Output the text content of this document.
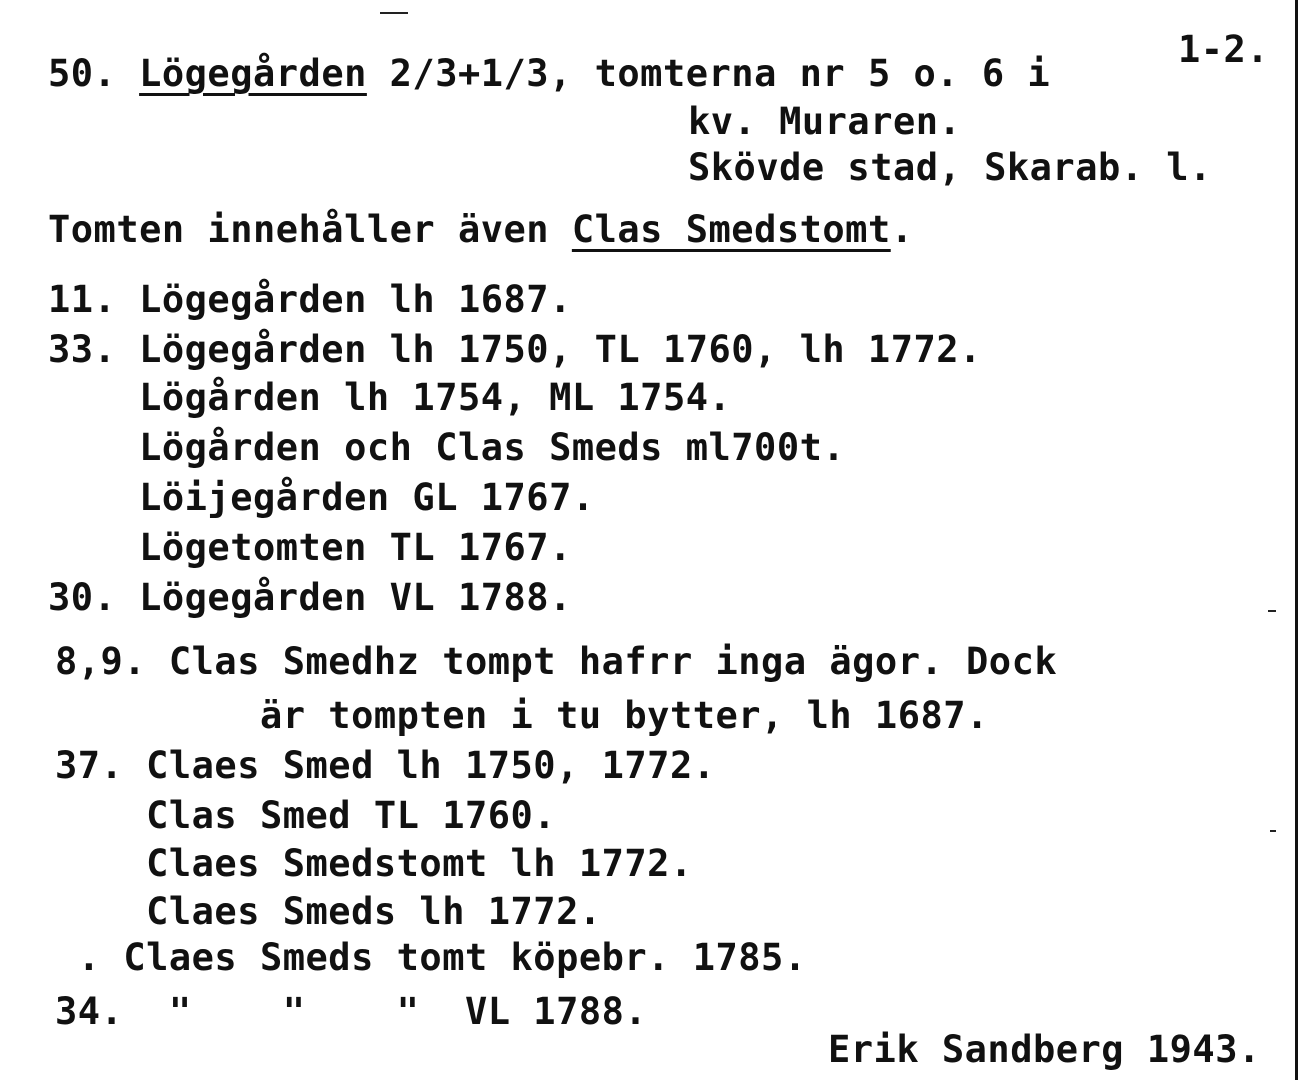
1-2.
50. Lögegården 2/3+1/3, tomterna nr 5 o. 6 i
kv. Muraren.
Skövde stad, Skarab. l.
Tomten innehåller även Clas Smedstomt.
11. Lögegården lh 1687.
33. Lögegården lh 1750, TL 1760, lh 1772.
Lögården lh 1754, ML 1754.
Lögården och Clas Smeds ml700t.
Löijegården GL 1767.
Lögetomten TL 1767.
30. Lögegården VL 1788.
8,9. Clas Smedhz tompt hafrr inga ägor. Dock
är tompten i tu bytter, lh 1687.
37. Claes Smed lh 1750, 1772.
Clas Smed TL 1760.
Claes Smedstomt lh 1772.
Claes Smeds lh 1772.
. Claes Smeds tomt köpebr. 1785.
34.  "    "    "  VL 1788.
Erik Sandberg 1943.
